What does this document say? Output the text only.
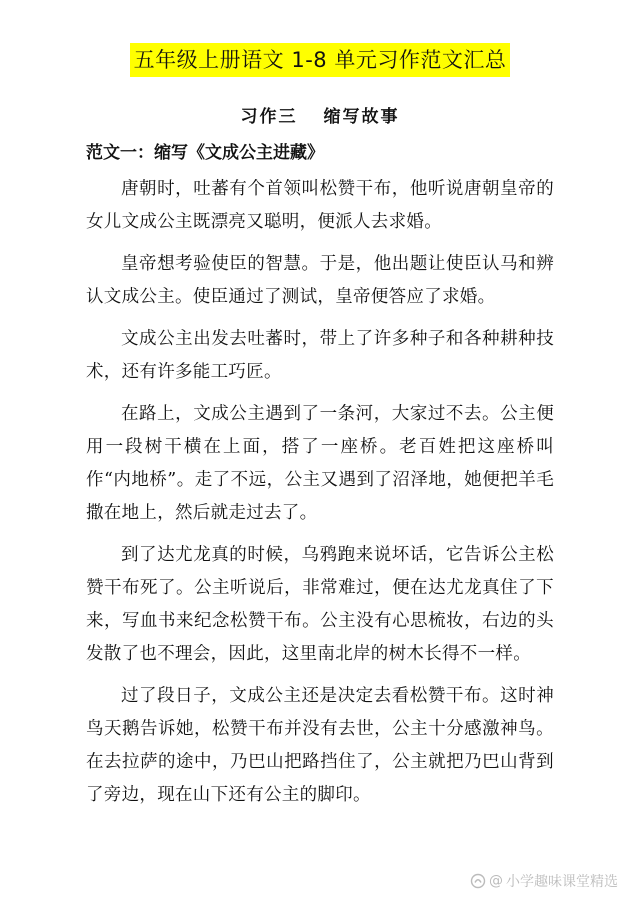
五年级上册语文 1-8 单元习作范文汇总
习作三 缩写故事
范文一：缩写《文成公主进藏》

唐朝时，吐蕃有个首领叫松赞干布，他听说唐朝皇帝的女儿文成公主既漂亮又聪明，便派人去求婚。

皇帝想考验使臣的智慧。于是，他出题让使臣认马和辨认文成公主。使臣通过了测试，皇帝便答应了求婚。

文成公主出发去吐蕃时，带上了许多种子和各种耕种技术，还有许多能工巧匠。

在路上，文成公主遇到了一条河，大家过不去。公主便用一段树干横在上面，搭了一座桥。老百姓把这座桥叫作“内地桥”。走了不远，公主又遇到了沼泽地，她便把羊毛撒在地上，然后就走过去了。

到了达尤龙真的时候，乌鸦跑来说坏话，它告诉公主松赞干布死了。公主听说后，非常难过，便在达尤龙真住了下来，写血书来纪念松赞干布。公主没有心思梳妆，右边的头发散了也不理会，因此，这里南北岸的树木长得不一样。

过了段日子，文成公主还是决定去看松赞干布。这时神鸟天鹅告诉她，松赞干布并没有去世，公主十分感激神鸟。在去拉萨的途中，乃巴山把路挡住了，公主就把乃巴山背到了旁边，现在山下还有公主的脚印。

@ 小学趣味课堂精选
